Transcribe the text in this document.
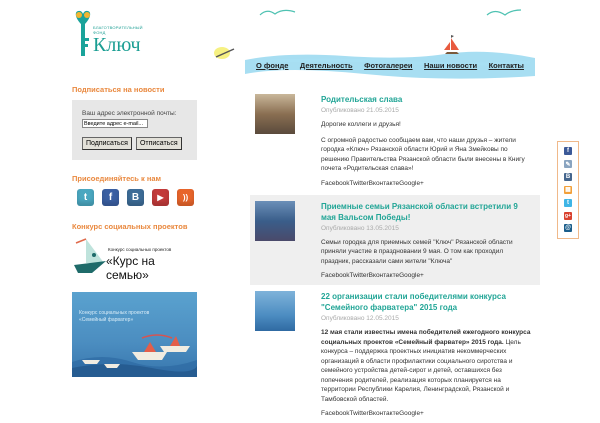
БЛАГОТВОРИТЕЛЬНЫЙ ФОНД
Ключ
О фонде Деятельность Фотогалереи Наши новости Контакты
Подписаться на новости
Ваш адрес электронной почты:
Введите адрес e-mail...
Подписаться	Отписаться
Присоединяйтесь к нам
t	f	В	▶	))
Конкурс социальных проектов
Конкурс социальных проектов
«Курс на семью»
Конкурс социальных проектов
«Семейный фарватер»
Родительская слава
Опубликовано 21.05.2015
Дорогие коллеги и друзья!
С огромной радостью сообщаем вам, что наши друзья – жители городка «Ключ» Рязанской области Юрий и Яна Змейковы по решению Правительства Рязанской области были внесены в Книгу почета «Родительская слава»!
FacebookTwitterВконтактеGoogle+
Приемные семьи Рязанской области встретили 9 мая Вальсом Победы!
Опубликовано 13.05.2015
Семьи городка для приемных семей "Ключ" Рязанской области приняли участие в праздновании 9 мая. О том как проходил праздник, рассказали сами жители "Ключа"
FacebookTwitterВконтактеGoogle+
22 организации стали победителями конкурса "Семейного фарватера" 2015 года
Опубликовано 12.05.2015
12 мая стали известны имена победителей ежегодного конкурса социальных проектов «Семейный фарватер» 2015 года. Цель конкурса – поддержка проектных инициатив некоммерческих организаций в области профилактики социального сиротства и семейного устройства детей-сирот и детей, оставшихся без попечения родителей, реализация которых планируется на территории Республики Карелия, Ленинградской, Рязанской и Тамбовской областей.
FacebookTwitterВконтактеGoogle+
f
✎
В
▦
t
g+
@
